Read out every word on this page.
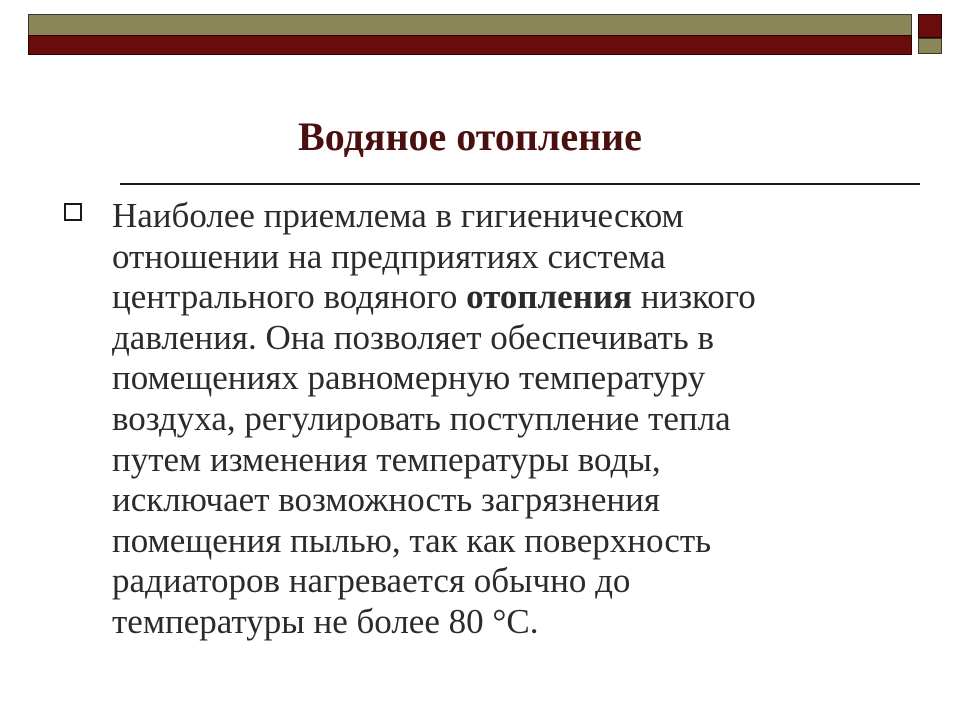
Водяное отопление

Наиболее приемлема в гигиеническом
отношении на предприятиях система
центрального водяного отопления низкого
давления. Она позволяет обеспечивать в
помещениях равномерную температуру
воздуха, регулировать поступление тепла
путем изменения температуры воды,
исключает возможность загрязнения
помещения пылью, так как поверхность
радиаторов нагревается обычно до
температуры не более 80 °С.
